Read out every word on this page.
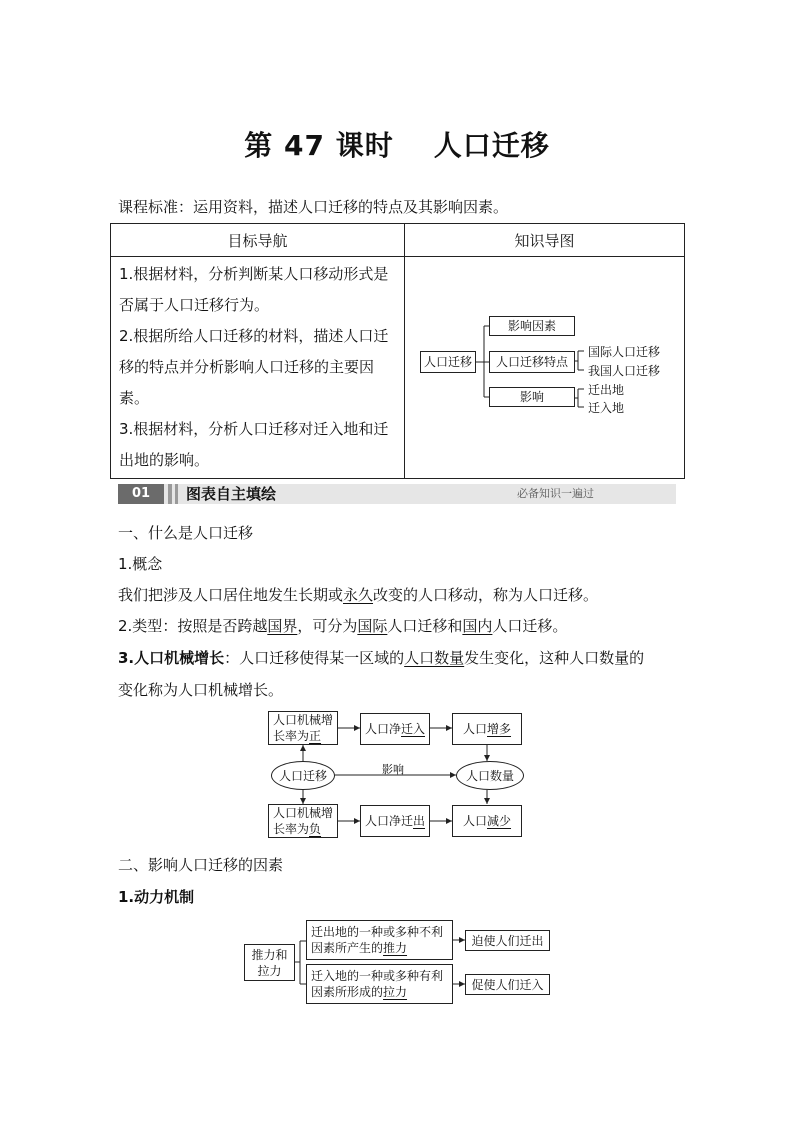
第 47 课时 人口迁移
课程标准：运用资料，描述人口迁移的特点及其影响因素。
目标导航	知识导图

1.根据材料，分析判断某人口移动形式是否属于人口迁移行为。

2.根据所给人口迁移的材料，描述人口迁移的特点并分析影响人口迁移的主要因素。

3.根据材料，分析人口迁移对迁入地和迁出地的影响。	

人口迁移
影响因素
人口迁移特点
影响
国际人口迁移
我国人口迁移
迁出地
迁入地
01	图表自主填绘	必备知识一遍过
一、什么是人口迁移
1.概念
我们把涉及人口居住地发生长期或永久改变的人口移动，称为人口迁移。
2.类型：按照是否跨越国界，可分为国际人口迁移和国内人口迁移。
3.人口机械增长：人口迁移使得某一区域的人口数量发生变化，这种人口数量的
变化称为人口机械增长。
人口机械增
长率为正	人口净 迁入	人口 增多
人口迁移	影响	人口数量
人口机械增
长率为负
人口净迁 出	人口 减少
二、影响人口迁移的因素
1.动力机制
推力和
拉力
迁出地的一种或多种不利
因素所产生的推力
迁入地的一种或多种有利
因素所形成的拉力
迫使人们迁出
促使人们迁入
